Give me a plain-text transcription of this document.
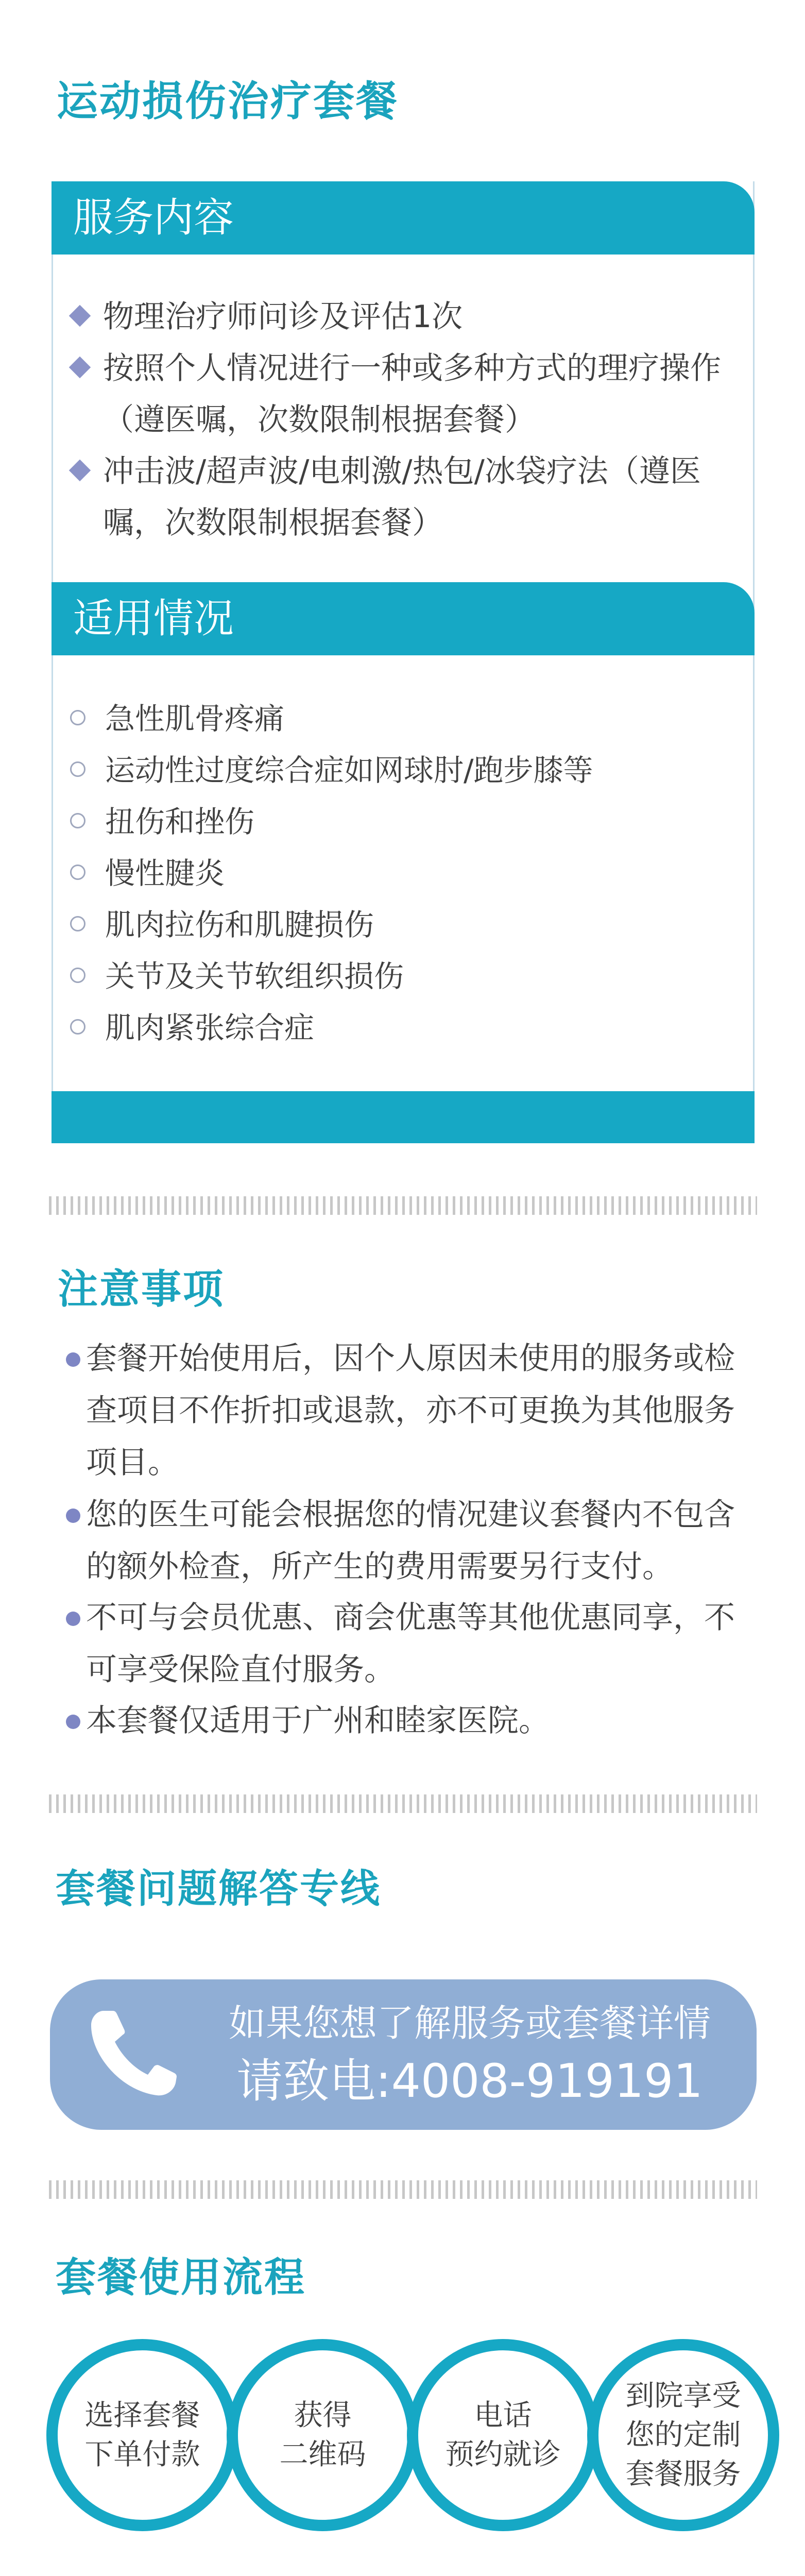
运动损伤治疗套餐
服务内容
物理治疗师问诊及评估1次
按照个人情况进行一种或多种方式的理疗操作（遵医嘱，次数限制根据套餐）
冲击波/超声波/电刺激/热包/冰袋疗法（遵医嘱，次数限制根据套餐）
适用情况
急性肌骨疼痛
运动性过度综合症如网球肘/跑步膝等
扭伤和挫伤
慢性腱炎
肌肉拉伤和肌腱损伤
关节及关节软组织损伤
肌肉紧张综合症
注意事项
套餐开始使用后，因个人原因未使用的服务或检查项目不作折扣或退款，亦不可更换为其他服务项目。
您的医生可能会根据您的情况建议套餐内不包含的额外检查，所产生的费用需要另行支付。
不可与会员优惠、商会优惠等其他优惠同享，不可享受保险直付服务。
本套餐仅适用于广州和睦家医院。
套餐问题解答专线
如果您想了解服务或套餐详情
请致电:4008-919191
套餐使用流程
选择套餐
下单付款
获得
二维码
电话
预约就诊
到院享受
您的定制
套餐服务
